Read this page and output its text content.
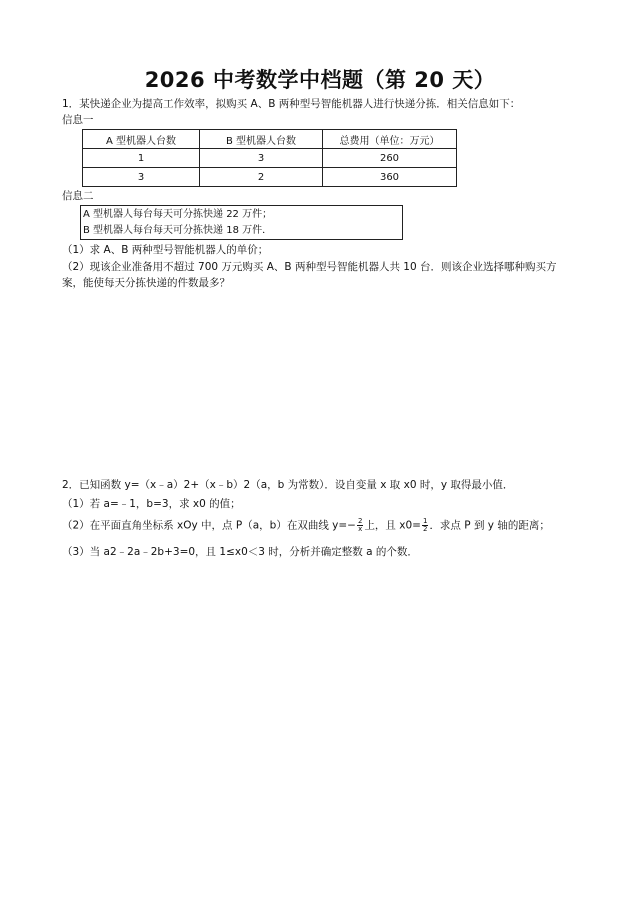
2026 中考数学中档题（第 20 天）
1．某快递企业为提高工作效率，拟购买 A、B 两种型号智能机器人进行快递分拣．相关信息如下：
信息一
A 型机器人台数	B 型机器人台数	总费用（单位：万元）
1	3	260
3	2	360
信息二
A 型机器人每台每天可分拣快递 22 万件；
B 型机器人每台每天可分拣快递 18 万件．
（1）求 A、B 两种型号智能机器人的单价；
（2）现该企业准备用不超过 700 万元购买 A、B 两种型号智能机器人共 10 台．则该企业选择哪种购买方
案，能使每天分拣快递的件数最多？
2．已知函数 y=（x﹣a）2+（x﹣b）2（a，b 为常数）．设自变量 x 取 x0 时，y 取得最小值．
（1）若 a=﹣1，b=3，求 x0 的值；
（2）在平面直角坐标系 xOy 中，点 P（a，b）在双曲线 $y=- \frac{2}{x}$ 上，且 $x0= \frac{1}{2}$ ．求点 P 到 y 轴的距离；
（3）当 a2﹣2a﹣2b+3=0，且 1≤x0＜3 时，分析并确定整数 a 的个数．
